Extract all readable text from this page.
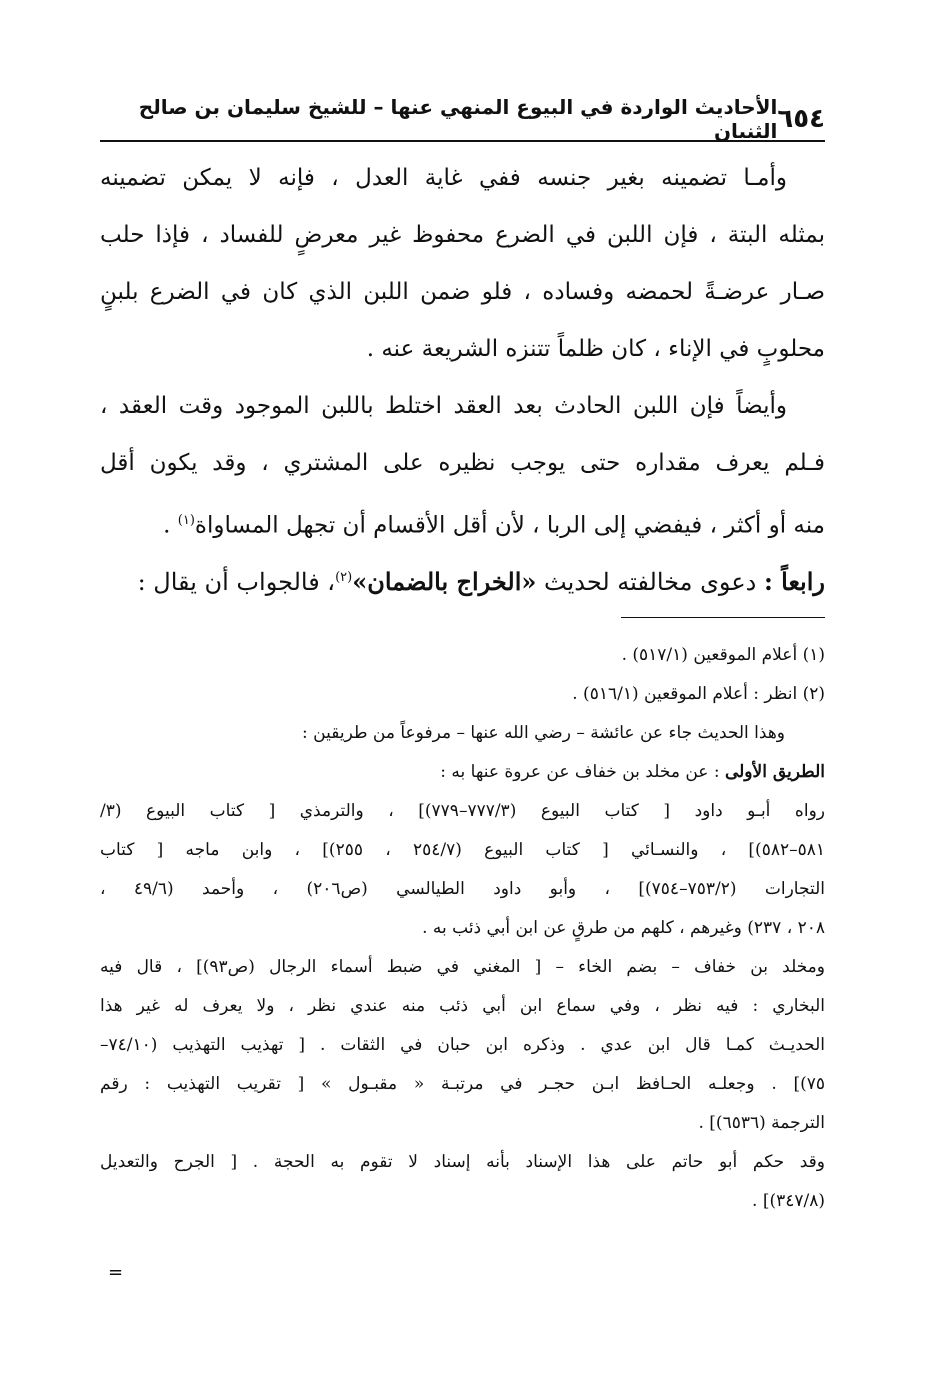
٦٥٤
الأحاديث الواردة في البيوع المنهي عنها – للشيخ سليمان بن صالح الثنيان
وأمـا تضمينه بغير جنسه ففي غاية العدل ، فإنه لا يمكن تضمينه
بمثله البتة ، فإن اللبن في الضرع محفوظ غير معرضٍ للفساد ، فإذا حلب
صـار عرضـةً لحمضه وفساده ، فلو ضمن اللبن الذي كان في الضرع بلبنٍ
محلوبٍ في الإناء ، كان ظلماً تتنزه الشريعة عنه .
وأيضاً فإن اللبن الحادث بعد العقد اختلط باللبن الموجود وقت العقد ،
فـلم يعرف مقداره حتى يوجب نظيره على المشتري ، وقد يكون أقل
منه أو أكثر ، فيفضي إلى الربا ، لأن أقل الأقسام أن تجهل المساواة$^{(١)}$ .
رابعاً : دعوى مخالفته لحديث «الخراج بالضمان»$^{(٢)}$، فالجواب أن يقال :
(١) أعلام الموقعين (٥١٧/١) .
(٢) انظر : أعلام الموقعين (٥١٦/١) .
وهذا الحديث جاء عن عائشة – رضي الله عنها – مرفوعاً من طريقين :
الطريق الأولى : عن مخلد بن خفاف عن عروة عنها به :
رواه أبـو داود [ كتاب البيوع (٧٧٧/٣–٧٧٩)] ، والترمذي [ كتاب البيوع (٣/
٥٨١–٥٨٢)] ، والنسـائي [ كتاب البيوع (٢٥٤/٧ ، ٢٥٥)] ، وابن ماجه [ كتاب
التجارات (٧٥٣/٢–٧٥٤)] ، وأبو داود الطيالسي (ص٢٠٦) ، وأحمد (٤٩/٦ ،
٢٠٨ ، ٢٣٧) وغيرهم ، كلهم من طرقٍ عن ابن أبي ذئب به .
ومخلد بن خفاف – بضم الخاء – [ المغني في ضبط أسماء الرجال (ص٩٣)] ، قال فيه
البخاري : فيه نظر ، وفي سماع ابن أبي ذئب منه عندي نظر ، ولا يعرف له غير هذا
الحديـث كمـا قال ابن عدي . وذكره ابن حبان في الثقات . [ تهذيب التهذيب (٧٤/١٠–
٧٥)] . وجعلـه الحـافظ ابـن حجـر في مرتبـة « مقبـول » [ تقريب التهذيب : رقم
الترجمة (٦٥٣٦)] .
وقد حكم أبو حاتم على هذا الإسناد بأنه إسناد لا تقوم به الحجة . [ الجرح والتعديل
(٣٤٧/٨)] .
=
